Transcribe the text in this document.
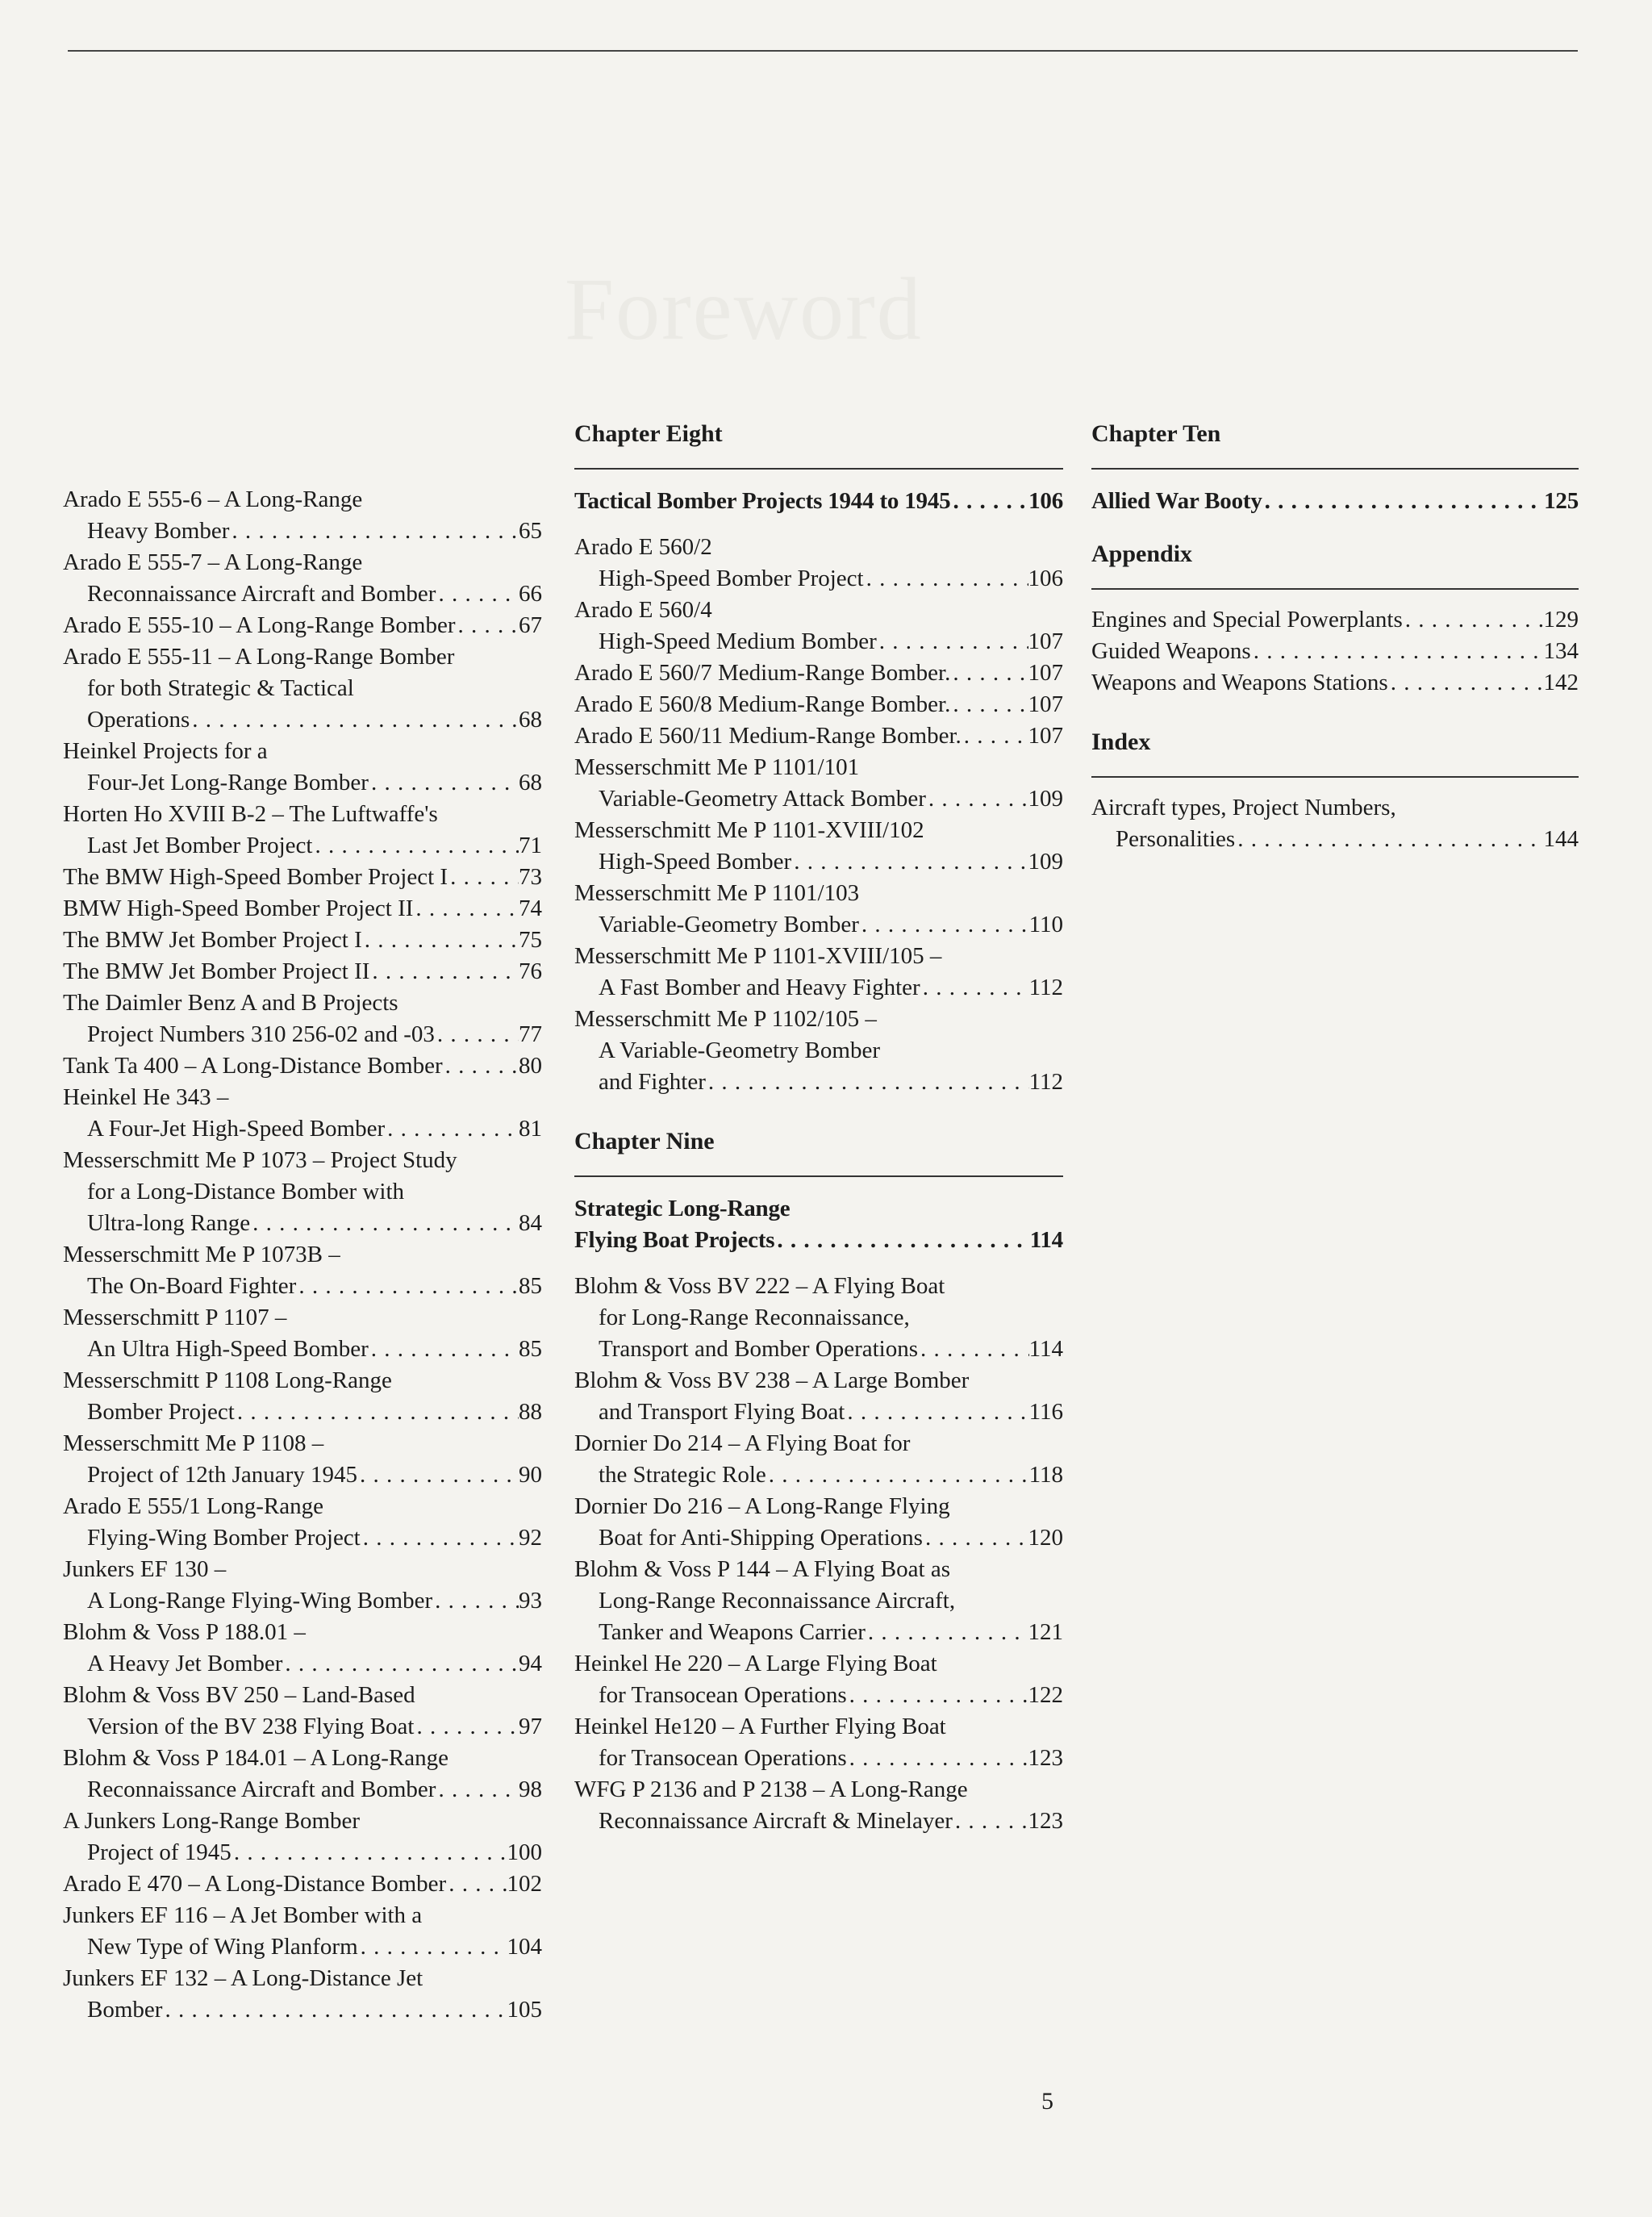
Foreword
Arado E 555-6 – A Long-Range
Heavy Bomber . . .	65
Arado E 555-7 – A Long-Range
Reconnaissance Aircraft and Bomber . . .	66
Arado E 555-10 – A Long-Range Bomber . . .	67
Arado E 555-11 – A Long-Range Bomber
for both Strategic & Tactical
Operations . . .	68
Heinkel Projects for a
Four-Jet Long-Range Bomber . . .	68
Horten Ho XVIII B-2 – The Luftwaffe's
Last Jet Bomber Project . . .	71
The BMW High-Speed Bomber Project I . . .	73
BMW High-Speed Bomber Project II . . .	74
The BMW Jet Bomber Project I . . .	75
The BMW Jet Bomber Project II . . .	76
The Daimler Benz A and B Projects
Project Numbers 310 256-02 and -03 . . .	77
Tank Ta 400 – A Long-Distance Bomber . . .	80
Heinkel He 343 –
A Four-Jet High-Speed Bomber . . .	81
Messerschmitt Me P 1073 – Project Study
for a Long-Distance Bomber with
Ultra-long Range . . .	84
Messerschmitt Me P 1073B –
The On-Board Fighter . . .	85
Messerschmitt P 1107 –
An Ultra High-Speed Bomber . . .	85
Messerschmitt P 1108 Long-Range
Bomber Project . . .	88
Messerschmitt Me P 1108 –
Project of 12th January 1945 . . .	90
Arado E 555/1 Long-Range
Flying-Wing Bomber Project . . .	92
Junkers EF 130 –
A Long-Range Flying-Wing Bomber . . .	93
Blohm & Voss P 188.01 –
A Heavy Jet Bomber . . .	94
Blohm & Voss BV 250 – Land-Based
Version of the BV 238 Flying Boat . . .	97
Blohm & Voss P 184.01 – A Long-Range
Reconnaissance Aircraft and Bomber . . .	98
A Junkers Long-Range Bomber
Project of 1945 . . .	100
Arado E 470 – A Long-Distance Bomber . . .	102
Junkers EF 116 – A Jet Bomber with a
New Type of Wing Planform . . .	104
Junkers EF 132 – A Long-Distance Jet
Bomber . . .	105
Chapter Eight
Tactical Bomber Projects 1944 to 1945 . . .	106
Arado E 560/2
High-Speed Bomber Project . . .	106
Arado E 560/4
High-Speed Medium Bomber . . .	107
Arado E 560/7 Medium-Range Bomber. . . .	107
Arado E 560/8 Medium-Range Bomber. . . .	107
Arado E 560/11 Medium-Range Bomber. . . .	107
Messerschmitt Me P 1101/101
Variable-Geometry Attack Bomber . . .	109
Messerschmitt Me P 1101-XVIII/102
High-Speed Bomber . . .	109
Messerschmitt Me P 1101/103
Variable-Geometry Bomber . . .	110
Messerschmitt Me P 1101-XVIII/105 –
A Fast Bomber and Heavy Fighter . . .	112
Messerschmitt Me P 1102/105 –
A Variable-Geometry Bomber
and Fighter . . .	112
Chapter Nine
Strategic Long-Range
Flying Boat Projects . . .	114
Blohm & Voss BV 222 – A Flying Boat
for Long-Range Reconnaissance,
Transport and Bomber Operations . . .	114
Blohm & Voss BV 238 – A Large Bomber
and Transport Flying Boat . . .	116
Dornier Do 214 – A Flying Boat for
the Strategic Role . . .	118
Dornier Do 216 – A Long-Range Flying
Boat for Anti-Shipping Operations . . .	120
Blohm & Voss P 144 – A Flying Boat as
Long-Range Reconnaissance Aircraft,
Tanker and Weapons Carrier . . .	121
Heinkel He 220 – A Large Flying Boat
for Transocean Operations . . .	122
Heinkel He120 – A Further Flying Boat
for Transocean Operations . . .	123
WFG P 2136 and P 2138 – A Long-Range
Reconnaissance Aircraft & Minelayer . . .	123
Chapter Ten
Allied War Booty . . .	125
Appendix
Engines and Special Powerplants . . .	129
Guided Weapons . . .	134
Weapons and Weapons Stations . . .	142
Index
Aircraft types, Project Numbers,
Personalities . . .	144
5
